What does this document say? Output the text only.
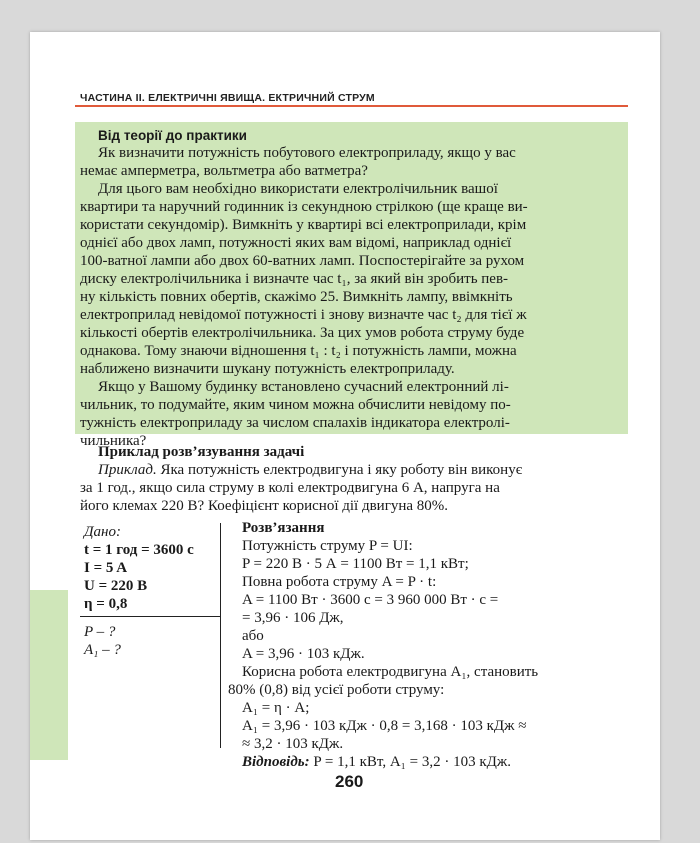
ЧАСТИНА II. ЕЛЕКТРИЧНІ ЯВИЩА. ЕКТРИЧНИЙ СТРУМ
Від теорії до практики
Як визначити потужність побутового електроприладу, якщо у вас
немає амперметра, вольтметра або ватметра?
Для цього вам необхідно використати електролічильник вашої
квартири та наручний годинник із секундною стрілкою (ще краще ви-
користати секундомір). Вимкніть у квартирі всі електроприлади, крім
однієї або двох ламп, потужності яких вам відомі, наприклад однієї
100-ватної лампи або двох 60-ватних ламп. Поспостерігайте за рухом
диску електролічильника і визначте час t₁, за який він зробить пев-
ну кількість повних обертів, скажімо 25. Вимкніть лампу, ввімкніть
електроприлад невідомої потужності і знову визначте час t₂ для тієї ж
кількості обертів електролічильника. За цих умов робота струму буде
однакова. Тому знаючи відношення t₁ : t₂ і потужність лампи, можна
наближено визначити шукану потужність електроприладу.
Якщо у Вашому будинку встановлено сучасний електронний лі-
чильник, то подумайте, яким чином можна обчислити невідому по-
тужність електроприладу за числом спалахів індикатора електролі-
чильника?
Приклад розв’язування задачі
Приклад. Яка потужність електродвигуна і яку роботу він виконує
за 1 год., якщо сила струму в колі електродвигуна 6 А, напруга на
його клемах 220 В? Коефіцієнт корисної дії двигуна 80%.
Дано:
t = 1 год = 3600 с
I = 5 A
U = 220 В
η = 0,8
P – ?
A₁ – ?
Розв’язання
Потужність струму P = UI:
P = 220 В · 5 А = 1100 Вт = 1,1 кВт;
Повна робота струму A = P · t:
A = 1100 Вт · 3600 с = 3 960 000 Вт · с =
= 3,96 · 106 Дж,
або
A = 3,96 · 103 кДж.
Корисна робота електродвигуна A₁, становить
80% (0,8) від усієї роботи струму:
A₁ = η · A;
A₁ = 3,96 · 103 кДж · 0,8 = 3,168 · 103 кДж ≈
≈ 3,2 · 103 кДж.
Відповідь: P = 1,1 кВт, A₁ = 3,2 · 103 кДж.
260
